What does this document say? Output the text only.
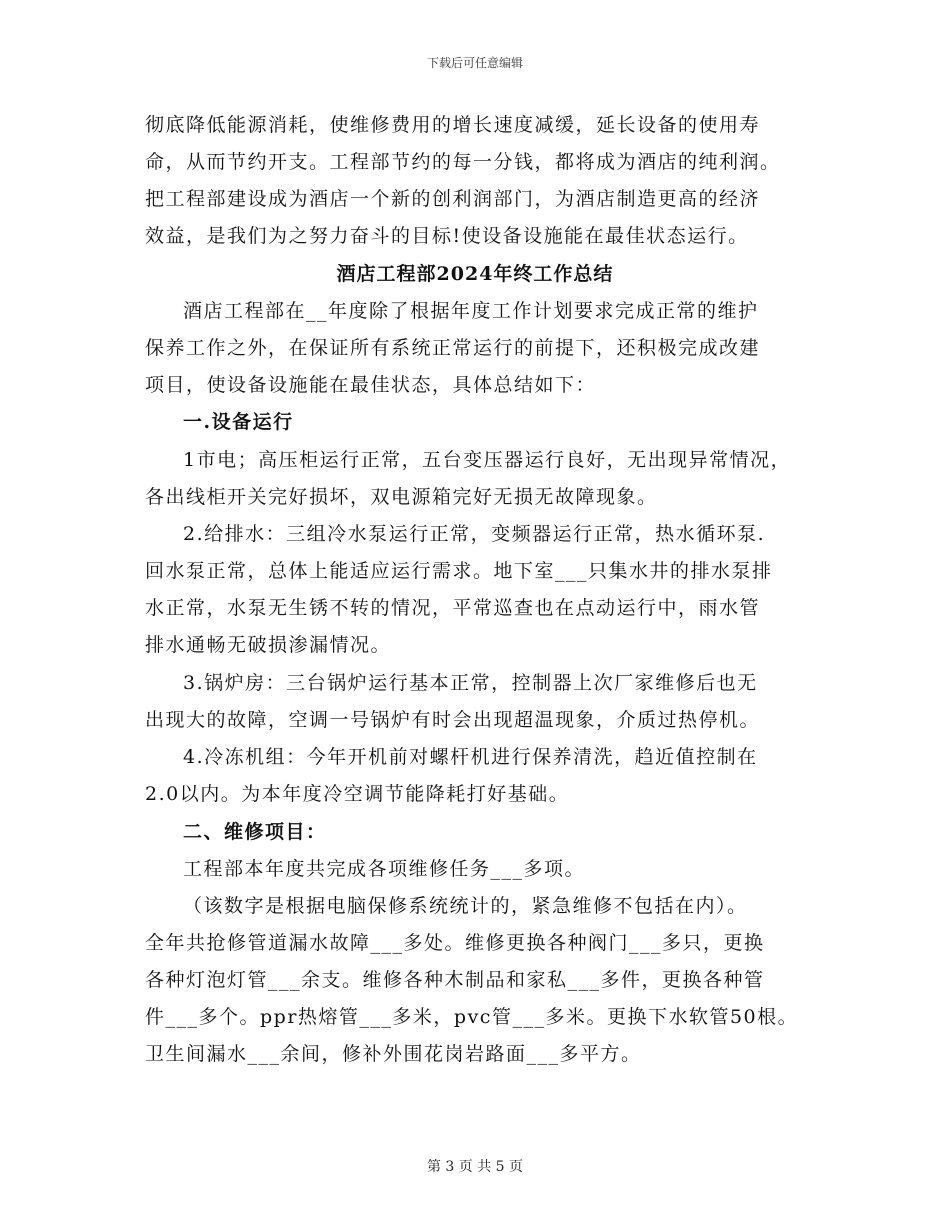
下载后可任意编辑
彻底降低能源消耗，使维修费用的增长速度减缓，延长设备的使用寿
命，从而节约开支。工程部节约的每一分钱，都将成为酒店的纯利润。
把工程部建设成为酒店一个新的创利润部门，为酒店制造更高的经济
效益，是我们为之努力奋斗的目标!使设备设施能在最佳状态运行。
酒店工程部2024年终工作总结
酒店工程部在__年度除了根据年度工作计划要求完成正常的维护
保养工作之外，在保证所有系统正常运行的前提下，还积极完成改建
项目，使设备设施能在最佳状态，具体总结如下：
一.设备运行
1市电；高压柜运行正常，五台变压器运行良好，无出现异常情况，
各出线柜开关完好损坏，双电源箱完好无损无故障现象。
2.给排水：三组冷水泵运行正常，变频器运行正常，热水循环泵.
回水泵正常，总体上能适应运行需求。地下室___只集水井的排水泵排
水正常，水泵无生锈不转的情况，平常巡查也在点动运行中，雨水管
排水通畅无破损渗漏情况。
3.锅炉房：三台锅炉运行基本正常，控制器上次厂家维修后也无
出现大的故障，空调一号锅炉有时会出现超温现象，介质过热停机。
4.冷冻机组：今年开机前对螺杆机进行保养清洗，趋近值控制在
2.0以内。为本年度冷空调节能降耗打好基础。
二、维修项目：
工程部本年度共完成各项维修任务___多项。
（该数字是根据电脑保修系统统计的，紧急维修不包括在内）。
全年共抢修管道漏水故障___多处。维修更换各种阀门___多只，更换
各种灯泡灯管___余支。维修各种木制品和家私___多件，更换各种管
件___多个。ppr热熔管___多米，pvc管___多米。更换下水软管50根。
卫生间漏水___余间，修补外围花岗岩路面___多平方。
第 3 页 共 5 页
